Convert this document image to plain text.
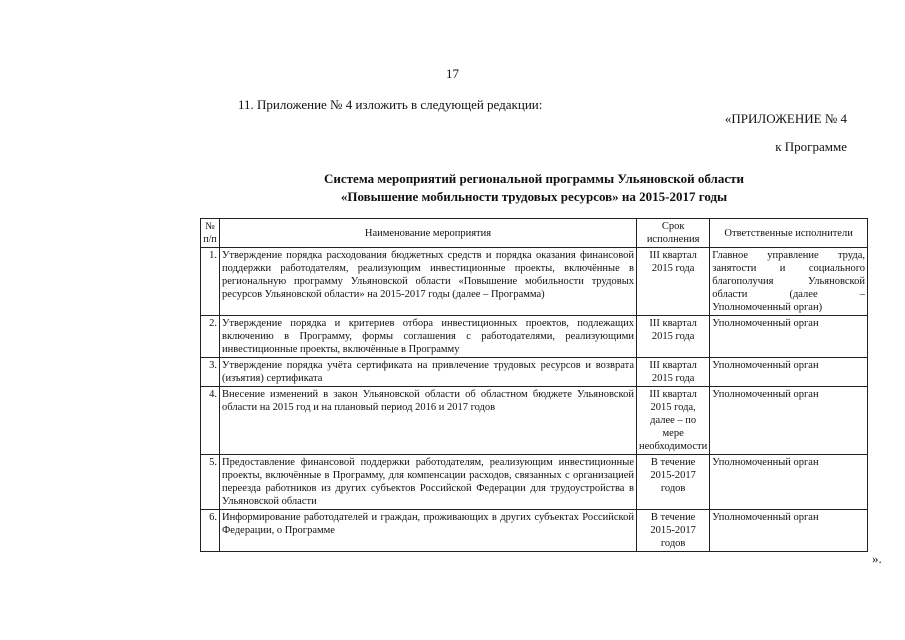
17
11. Приложение № 4 изложить в следующей редакции:
«ПРИЛОЖЕНИЕ № 4
к Программе
Система мероприятий региональной программы Ульяновской области
«Повышение мобильности трудовых ресурсов» на 2015-2017 годы
№ п/п	Наименование мероприятия	Срок исполнения	Ответственные исполнители
1.	Утверждение порядка расходования бюджетных средств и порядка оказания финансовой поддержки работодателям, реализующим инвестиционные проекты, включённые в региональную программу Ульяновской области «Повышение мобильности трудовых ресурсов Ульяновской области» на 2015-2017 годы (далее – Программа)	III квартал 2015 года	Главное управление труда, занятости и социального благополучия Ульяновской области (далее – Уполномоченный орган)
2.	Утверждение порядка и критериев отбора инвестиционных проектов, подлежащих включению в Программу, формы соглашения с работодателями, реализующими инвестиционные проекты, включённые в Программу	III квартал 2015 года	Уполномоченный орган
3.	Утверждение порядка учёта сертификата на привлечение трудовых ресурсов и возврата (изъятия) сертификата	III квартал 2015 года	Уполномоченный орган
4.	Внесение изменений в закон Ульяновской области об областном бюджете Ульяновской области на 2015 год и на плановый период 2016 и 2017 годов	III квартал 2015 года, далее – по мере необходимости	Уполномоченный орган
5.	Предоставление финансовой поддержки работодателям, реализующим инвестиционные проекты, включённые в Программу, для компенсации расходов, связанных с организацией переезда работников из других субъектов Российской Федерации для трудоустройства в Ульяновской области	В течение 2015-2017 годов	Уполномоченный орган
6.	Информирование работодателей и граждан, проживающих в других субъектах Российской Федерации, о Программе	В течение 2015-2017 годов	Уполномоченный орган
».
